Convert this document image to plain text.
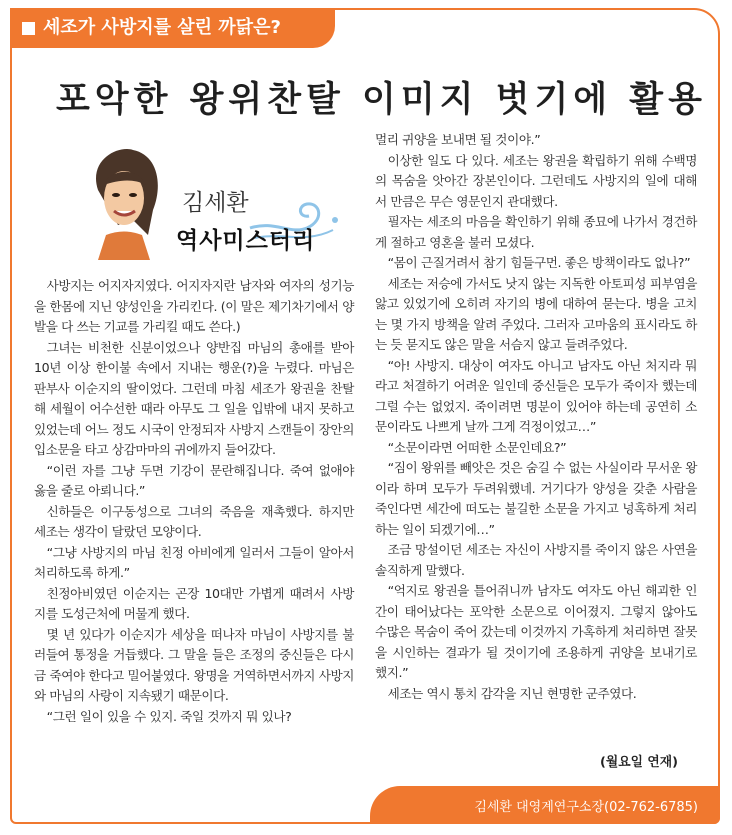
세조가 사방지를 살린 까닭은?
포악한 왕위찬탈 이미지 벗기에 활용
김세환
역사미스터리

사방지는 어지자지였다. 어지자지란 남자와 여자의 성기능을 한몸에 지닌 양성인을 가리킨다. (이 말은 제기차기에서 양발을 다 쓰는 기교를 가리킬 때도 쓴다.)

그녀는 비천한 신분이었으나 양반집 마님의 총애를 받아 10년 이상 한이불 속에서 지내는 행운(?)을 누렸다. 마님은 판부사 이순지의 딸이었다. 그런데 마침 세조가 왕권을 찬탈해 세월이 어수선한 때라 아무도 그 일을 입밖에 내지 못하고 있었는데 어느 정도 시국이 안정되자 사방지 스캔들이 장안의 입소문을 타고 상감마마의 귀에까지 들어갔다.

“이런 자를 그냥 두면 기강이 문란해집니다. 죽여 없애야 옳을 줄로 아뢰니다.”

신하들은 이구동성으로 그녀의 죽음을 재촉했다. 하지만 세조는 생각이 달랐던 모양이다.

“그냥 사방지의 마님 친정 아비에게 일러서 그들이 알아서 처리하도록 하게.”

친정아비였던 이순지는 곤장 10대만 가볍게 때려서 사방지를 도성근처에 머물게 했다.

몇 년 있다가 이순지가 세상을 떠나자 마님이 사방지를 불러들여 통정을 거듭했다. 그 말을 들은 조정의 중신들은 다시금 죽여야 한다고 밀어붙였다. 왕명을 거역하면서까지 사방지와 마님의 사랑이 지속됐기 때문이다.

“그런 일이 있을 수 있지. 죽일 것까지 뭐 있나?

멀리 귀양을 보내면 될 것이야.”

이상한 일도 다 있다. 세조는 왕권을 확립하기 위해 수백명의 목숨을 앗아간 장본인이다. 그런데도 사방지의 일에 대해서 만큼은 무슨 영문인지 관대했다.

필자는 세조의 마음을 확인하기 위해 종묘에 나가서 경건하게 절하고 영혼을 불러 모셨다.

“몸이 근질거려서 참기 힘들구먼. 좋은 방책이라도 없나?”

세조는 저승에 가서도 낫지 않는 지독한 아토피성 피부염을 앓고 있었기에 오히려 자기의 병에 대하여 묻는다. 병을 고치는 몇 가지 방책을 알려 주었다. 그러자 고마움의 표시라도 하는 듯 묻지도 않은 말을 서슴지 않고 들려주었다.

“아! 사방지. 대상이 여자도 아니고 남자도 아닌 처지라 뭐라고 처결하기 어려운 일인데 중신들은 모두가 죽이자 했는데 그럴 수는 없었지. 죽이려면 명분이 있어야 하는데 공연히 소문이라도 나쁘게 날까 그게 걱정이었고…”

“소문이라면 어떠한 소문인데요?”

“짐이 왕위를 빼앗은 것은 숨길 수 없는 사실이라 무서운 왕이라 하며 모두가 두려워했네. 거기다가 양성을 갖춘 사람을 죽인다면 세간에 떠도는 불길한 소문을 가지고 넝혹하게 처리하는 일이 되겠기에…”

조금 망설이던 세조는 자신이 사방지를 죽이지 않은 사연을 솔직하게 말했다.

“억지로 왕권을 틀어쥐니까 남자도 여자도 아닌 해괴한 인간이 태어났다는 포악한 소문으로 이어졌지. 그렇지 않아도 수많은 목숨이 죽어 갔는데 이것까지 가혹하게 처리하면 잘못을 시인하는 결과가 될 것이기에 조용하게 귀양을 보내기로 했지.”

세조는 역시 통치 감각을 지닌 현명한 군주였다.

(월요일 연재)
김세환 대영계연구소장(02-762-6785)
